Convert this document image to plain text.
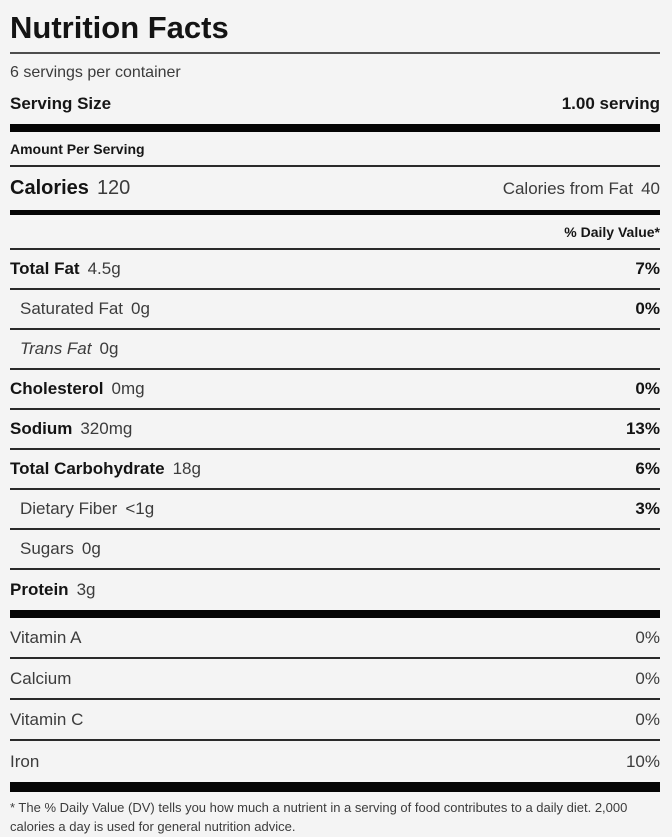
Nutrition Facts
6 servings per container
Serving Size	1.00 serving
Amount Per Serving
Calories 120	Calories from Fat 40
% Daily Value*
Total Fat 4.5g	7%
Saturated Fat 0g	0%
Trans Fat 0g
Cholesterol 0mg	0%
Sodium 320mg	13%
Total Carbohydrate 18g	6%
Dietary Fiber <1g	3%
Sugars 0g
Protein 3g
Vitamin A	0%
Calcium	0%
Vitamin C	0%
Iron	10%
* The % Daily Value (DV) tells you how much a nutrient in a serving of food contributes to a daily diet. 2,000 calories a day is used for general nutrition advice.
